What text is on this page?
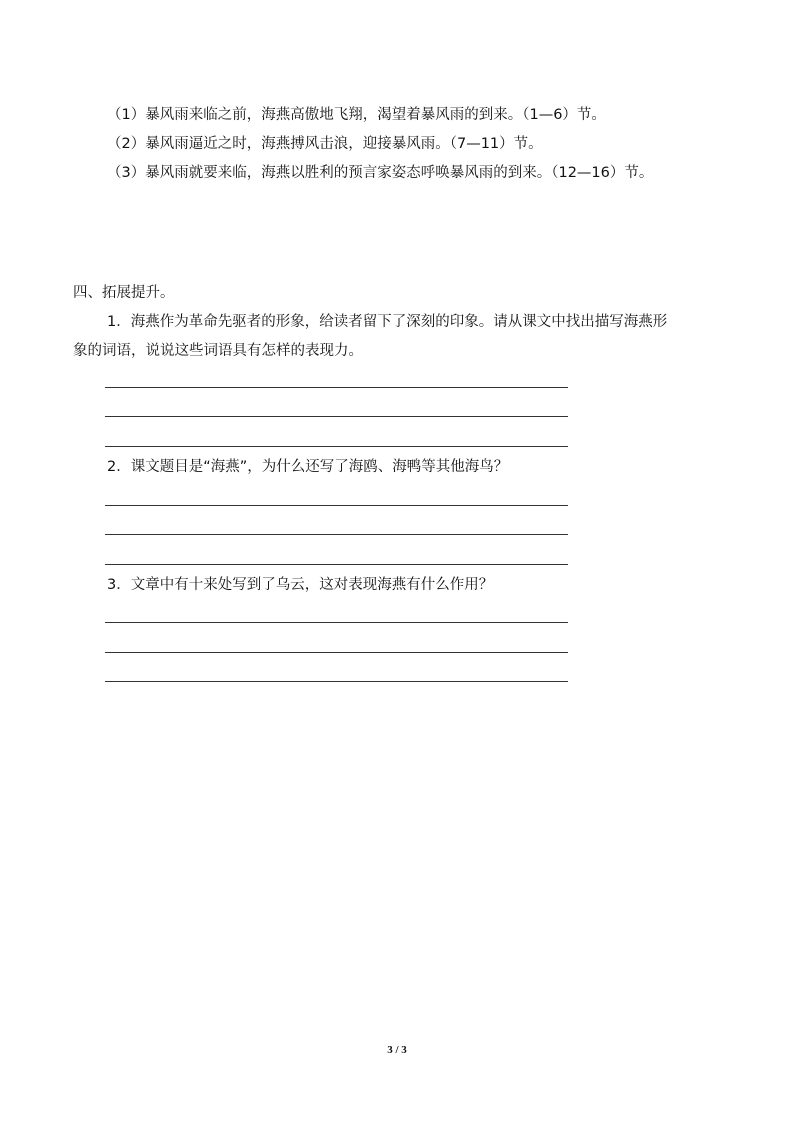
（1）暴风雨来临之前，海燕高傲地飞翔，渴望着暴风雨的到来。（1—6）节。
（2）暴风雨逼近之时，海燕搏风击浪，迎接暴风雨。（7—11）节。
（3）暴风雨就要来临，海燕以胜利的预言家姿态呼唤暴风雨的到来。（12—16）节。
四、拓展提升。
1．海燕作为革命先驱者的形象，给读者留下了深刻的印象。请从课文中找出描写海燕形
象的词语，说说这些词语具有怎样的表现力。
2．课文题目是“海燕”，为什么还写了海鸥、海鸭等其他海鸟？
3．文章中有十来处写到了乌云，这对表现海燕有什么作用？
3 / 3
